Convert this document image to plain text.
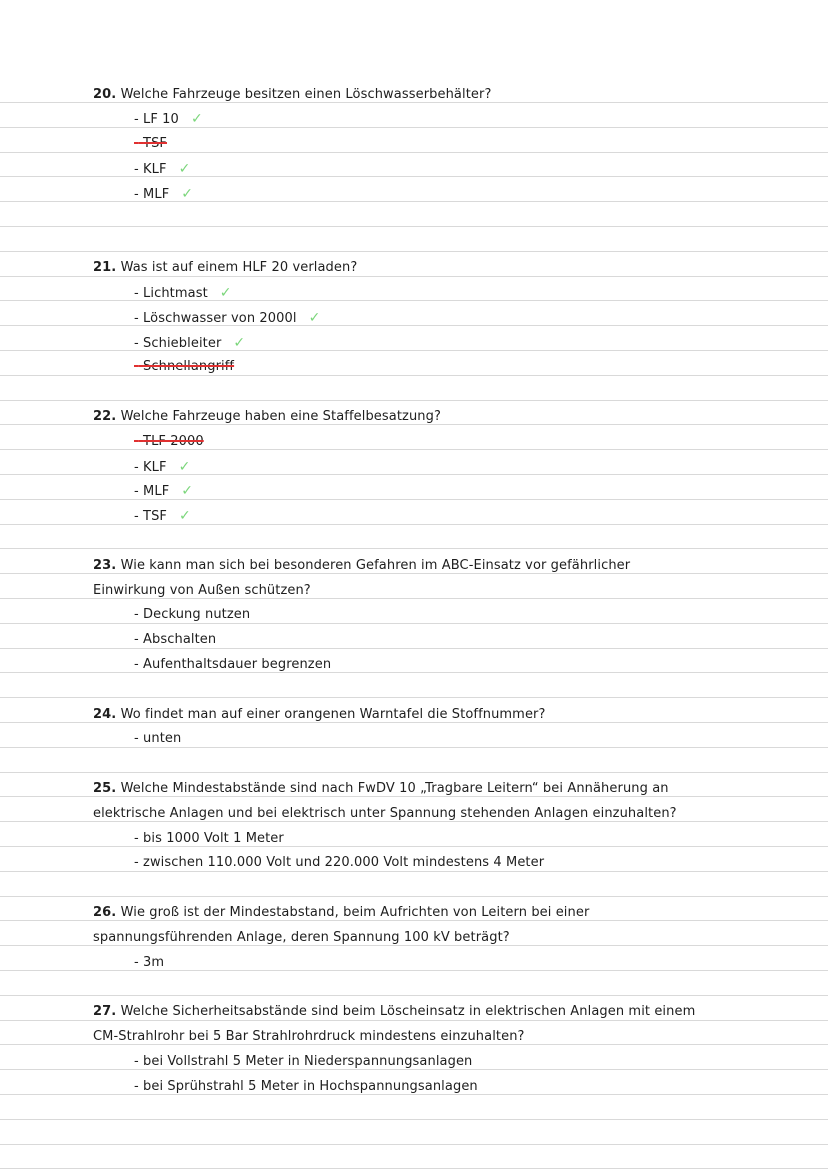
20. Welche Fahrzeuge besitzen einen Löschwasserbehälter?
- LF 10 ✓
- TSF
- KLF ✓
- MLF ✓
21. Was ist auf einem HLF 20 verladen?
- Lichtmast ✓
- Löschwasser von 2000l ✓
- Schiebleiter ✓
- Schnellangriff
22. Welche Fahrzeuge haben eine Staffelbesatzung?
- TLF 2000
- KLF ✓
- MLF ✓
- TSF ✓
23. Wie kann man sich bei besonderen Gefahren im ABC-Einsatz vor gefährlicher
Einwirkung von Außen schützen?
- Deckung nutzen
- Abschalten
- Aufenthaltsdauer begrenzen
24. Wo findet man auf einer orangenen Warntafel die Stoffnummer?
- unten
25. Welche Mindestabstände sind nach FwDV 10 „Tragbare Leitern“ bei Annäherung an
elektrische Anlagen und bei elektrisch unter Spannung stehenden Anlagen einzuhalten?
- bis 1000 Volt 1 Meter
- zwischen 110.000 Volt und 220.000 Volt mindestens 4 Meter
26. Wie groß ist der Mindestabstand, beim Aufrichten von Leitern bei einer
spannungsführenden Anlage, deren Spannung 100 kV beträgt?
- 3m
27. Welche Sicherheitsabstände sind beim Löscheinsatz in elektrischen Anlagen mit einem
CM-Strahlrohr bei 5 Bar Strahlrohrdruck mindestens einzuhalten?
- bei Vollstrahl 5 Meter in Niederspannungsanlagen
- bei Sprühstrahl 5 Meter in Hochspannungsanlagen
